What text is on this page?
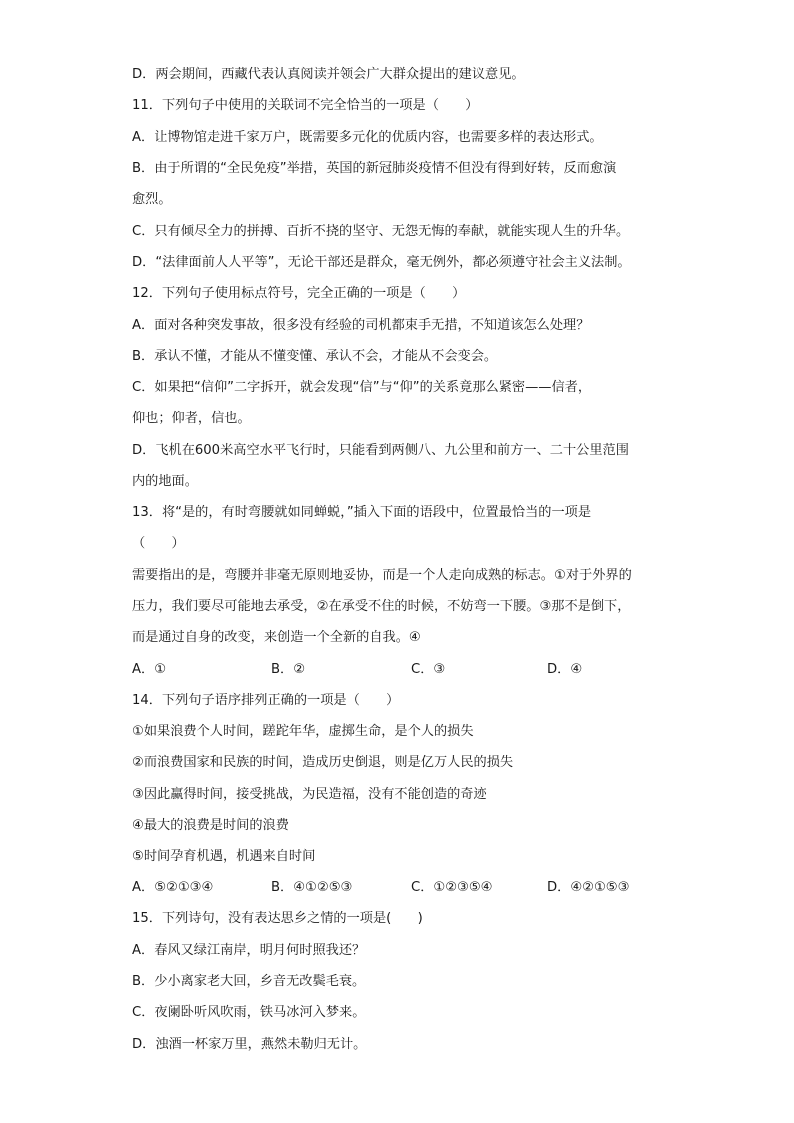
D．两会期间，西藏代表认真阅读并领会广大群众提出的建议意见。
11．下列句子中使用的关联词不完全恰当的一项是（　　）
A．让博物馆走进千家万户，既需要多元化的优质内容，也需要多样的表达形式。
B．由于所谓的“全民免疫”举措，英国的新冠肺炎疫情不但没有得到好转，反而愈演
愈烈。
C．只有倾尽全力的拼搏、百折不挠的坚守、无怨无悔的奉献，就能实现人生的升华。
D．“法律面前人人平等”，无论干部还是群众，毫无例外，都必须遵守社会主义法制。
12．下列句子使用标点符号，完全正确的一项是（　　）
A．面对各种突发事故，很多没有经验的司机都束手无措，不知道该怎么处理？
B．承认不懂，才能从不懂变懂、承认不会，才能从不会变会。
C．如果把“信仰”二字拆开，就会发现“信”与“仰”的关系竟那么紧密——信者，
仰也；仰者，信也。
D．飞机在600米高空水平飞行时，只能看到两侧八、九公里和前方一、二十公里范围
内的地面。
13．将“是的，有时弯腰就如同蝉蜕，”插入下面的语段中，位置最恰当的一项是
（　　）
需要指出的是，弯腰并非毫无原则地妥协，而是一个人走向成熟的标志。①对于外界的
压力，我们要尽可能地去承受，②在承受不住的时候，不妨弯一下腰。③那不是倒下，
而是通过自身的改变，来创造一个全新的自我。④
A．①	B．②	C．③	D．④
14．下列句子语序排列正确的一项是（　　）
①如果浪费个人时间，蹉跎年华，虚掷生命，是个人的损失
②而浪费国家和民族的时间，造成历史倒退，则是亿万人民的损失
③因此赢得时间，接受挑战，为民造福，没有不能创造的奇迹
④最大的浪费是时间的浪费
⑤时间孕育机遇，机遇来自时间
A．⑤②①③④	B．④①②⑤③	C．①②③⑤④	D．④②①⑤③
15．下列诗句，没有表达思乡之情的一项是(　　)
A．春风又绿江南岸，明月何时照我还？
B．少小离家老大回，乡音无改鬓毛衰。
C．夜阑卧听风吹雨，铁马冰河入梦来。
D．浊酒一杯家万里，燕然未勒归无计。
